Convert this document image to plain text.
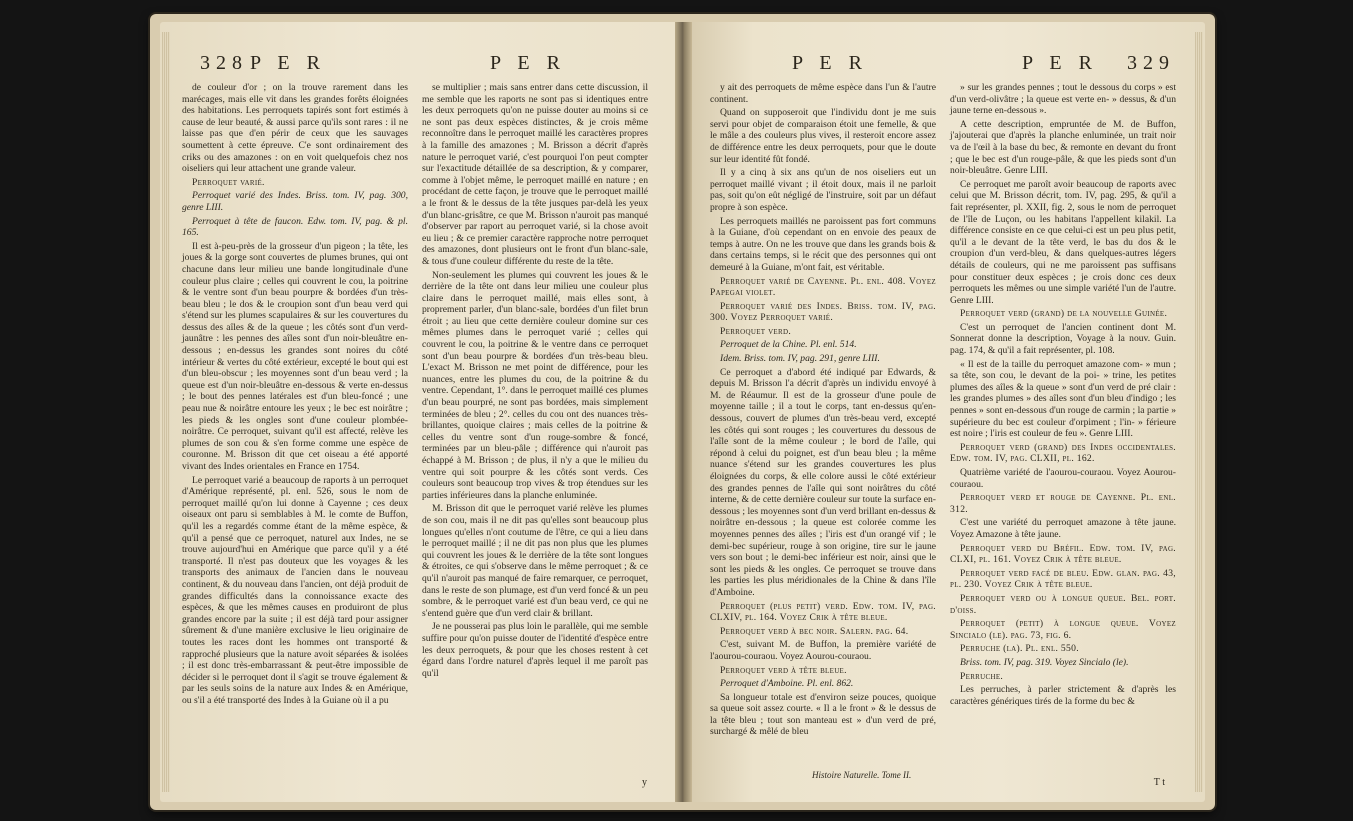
328 P E R	P E R

de couleur d'or ; on la trouve rarement dans les marécages, mais elle vit dans les grandes forêts éloignées des habitations. Les perroquets tapirés sont fort estimés à cause de leur beauté, & aussi parce qu'ils sont rares : il ne laisse pas que d'en périr de ceux que les sauvages soumettent à cette épreuve. C'e sont ordinairement des criks ou des amazones : on en voit quelquefois chez nos oiseliers qui leur attachent une grande valeur.

Perroquet varié.

Perroquet varié des Indes. Briss. tom. IV, pag. 300, genre LIII.

Perroquet à tête de faucon. Edw. tom. IV, pag. & pl. 165.

Il est à-peu-près de la grosseur d'un pigeon ; la tête, les joues & la gorge sont couvertes de plumes brunes, qui ont chacune dans leur milieu une bande longitudinale d'une couleur plus claire ; celles qui couvrent le cou, la poitrine & le ventre sont d'un beau pourpre & bordées d'un très-beau bleu ; le dos & le croupion sont d'un beau verd qui s'étend sur les plumes scapulaires & sur les couvertures du dessus des aîles & de la queue ; les côtés sont d'un verd-jaunâtre : les pennes des aîles sont d'un noir-bleuâtre en-dessous ; en-dessus les grandes sont noires du côté intérieur & vertes du côté extérieur, excepté le bout qui est d'un bleu-obscur ; les moyennes sont d'un beau verd ; la queue est d'un noir-bleuâtre en-dessous & verte en-dessus ; le bout des pennes latérales est d'un bleu-foncé ; une peau nue & noirâtre entoure les yeux ; le bec est noirâtre ; les pieds & les ongles sont d'une couleur plombée-noirâtre. Ce perroquet, suivant qu'il est affecté, relève les plumes de son cou & s'en forme comme une espèce de couronne. M. Brisson dit que cet oiseau a été apporté vivant des Indes orientales en France en 1754.

Le perroquet varié a beaucoup de raports à un perroquet d'Amérique représenté, pl. enl. 526, sous le nom de perroquet maillé qu'on lui donne à Cayenne ; ces deux oiseaux ont paru si semblables à M. le comte de Buffon, qu'il les a regardés comme étant de la même espèce, & qu'il a pensé que ce perroquet, naturel aux Indes, ne se trouve aujourd'hui en Amérique que parce qu'il y a été transporté. Il n'est pas douteux que les voyages & les transports des animaux de l'ancien dans le nouveau continent, & du nouveau dans l'ancien, ont déjà produit de grandes difficultés dans la connoissance exacte des espèces, & que les mêmes causes en produiront de plus grandes encore par la suite ; il est déjà tard pour assigner sûrement & d'une manière exclusive le lieu originaire de toutes les races dont les hommes ont transporté & rapproché plusieurs que la nature avoit séparées & isolées ; il est donc très-embarrassant & peut-être impossible de décider si le perroquet dont il s'agit se trouve également & par les seuls soins de la nature aux Indes & en Amérique, ou s'il a été transporté des Indes à la Guiane où il a pu

se multiplier ; mais sans entrer dans cette discussion, il me semble que les raports ne sont pas si identiques entre les deux perroquets qu'on ne puisse douter au moins si ce ne sont pas deux espèces distinctes, & je crois même reconnoître dans le perroquet maillé les caractères propres à la famille des amazones ; M. Brisson a décrit d'après nature le perroquet varié, c'est pourquoi l'on peut compter sur l'exactitude détaillée de sa description, & y comparer, comme à l'objet même, le perroquet maillé en nature ; en procédant de cette façon, je trouve que le perroquet maillé a le front & le dessus de la tête jusques par-delà les yeux d'un blanc-grisâtre, ce que M. Brisson n'auroit pas manqué d'observer par raport au perroquet varié, si la chose avoit eu lieu ; & ce premier caractère rapproche notre perroquet des amazones, dont plusieurs ont le front d'un blanc-sale, & tous d'une couleur différente du reste de la tête.

Non-seulement les plumes qui couvrent les joues & le derrière de la tête ont dans leur milieu une couleur plus claire dans le perroquet maillé, mais elles sont, à proprement parler, d'un blanc-sale, bordées d'un filet brun étroit ; au lieu que cette dernière couleur domine sur ces mêmes plumes dans le perroquet varié ; celles qui couvrent le cou, la poitrine & le ventre dans ce perroquet sont d'un beau pourpre & bordées d'un très-beau bleu. L'exact M. Brisson ne met point de différence, pour les nuances, entre les plumes du cou, de la poitrine & du ventre. Cependant, 1°. dans le perroquet maillé ces plumes d'un beau pourpré, ne sont pas bordées, mais simplement terminées de bleu ; 2°. celles du cou ont des nuances très-brillantes, quoique claires ; mais celles de la poitrine & celles du ventre sont d'un rouge-sombre & foncé, terminées par un bleu-pâle ; différence qui n'auroit pas échappé à M. Brisson ; de plus, il n'y a que le milieu du ventre qui soit pourpre & les côtés sont verds. Ces couleurs sont beaucoup trop vives & trop étendues sur les parties inférieures dans la planche enluminée.

M. Brisson dit que le perroquet varié relève les plumes de son cou, mais il ne dit pas qu'elles sont beaucoup plus longues qu'elles n'ont coutume de l'être, ce qui a lieu dans le perroquet maillé ; il ne dit pas non plus que les plumes qui couvrent les joues & le derrière de la tête sont longues & étroites, ce qui s'observe dans le même perroquet ; & ce qu'il n'auroit pas manqué de faire remarquer, ce perroquet, dans le reste de son plumage, est d'un verd foncé & un peu sombre, & le perroquet varié est d'un beau verd, ce qui ne s'entend guère que d'un verd clair & brillant.

Je ne pousserai pas plus loin le parallèle, qui me semble suffire pour qu'on puisse douter de l'identité d'espèce entre les deux perroquets, & pour que les choses restent à cet égard dans l'ordre naturel d'après lequel il me paroît pas qu'il

y
P E R	P E R 329

y ait des perroquets de même espèce dans l'un & l'autre continent.

Quand on supposeroit que l'individu dont je me suis servi pour objet de comparaison étoit une femelle, & que le mâle a des couleurs plus vives, il resteroit encore assez de différence entre les deux perroquets, pour que le doute sur leur identité fût fondé.

Il y a cinq à six ans qu'un de nos oiseliers eut un perroquet maillé vivant ; il étoit doux, mais il ne parloit pas, soit qu'on eût négligé de l'instruire, soit par un défaut propre à son espèce.

Les perroquets maillés ne paroissent pas fort communs à la Guiane, d'où cependant on en envoie des peaux de temps à autre. On ne les trouve que dans les grands bois & dans certains temps, si le récit que des personnes qui ont demeuré à la Guiane, m'ont fait, est véritable.

Perroquet varié de Cayenne. Pl. enl. 408. Voyez Papegai violet.

Perroquet varié des Indes. Briss. tom. IV, pag. 300. Voyez Perroquet varié.

Perroquet verd.

Perroquet de la Chine. Pl. enl. 514.

Idem. Briss. tom. IV, pag. 291, genre LIII.

Ce perroquet a d'abord été indiqué par Edwards, & depuis M. Brisson l'a décrit d'après un individu envoyé à M. de Réaumur. Il est de la grosseur d'une poule de moyenne taille ; il a tout le corps, tant en-dessus qu'en-dessous, couvert de plumes d'un très-beau verd, excepté les côtés qui sont rouges ; les couvertures du dessous de l'aîle sont de la même couleur ; le bord de l'aîle, qui répond à celui du poignet, est d'un beau bleu ; la même nuance s'étend sur les grandes couvertures les plus éloignées du corps, & elle colore aussi le côté extérieur des grandes pennes de l'aîle qui sont noirâtres du côté interne, & de cette dernière couleur sur toute la surface en-dessous ; les moyennes sont d'un verd brillant en-dessus & noirâtre en-dessous ; la queue est colorée comme les moyennes pennes des aîles ; l'iris est d'un orangé vif ; le demi-bec supérieur, rouge à son origine, tire sur le jaune vers son bout ; le demi-bec inférieur est noir, ainsi que le sont les pieds & les ongles. Ce perroquet se trouve dans les parties les plus méridionales de la Chine & dans l'île d'Amboine.

Perroquet (plus petit) verd. Edw. tom. IV, pag. CLXIV, pl. 164. Voyez Crik à tête bleue.

Perroquet verd à bec noir. Salern. pag. 64.

C'est, suivant M. de Buffon, la première variété de l'aourou-couraou. Voyez Aourou-couraou.

Perroquet verd à tête bleue.

Perroquet d'Amboine. Pl. enl. 862.

Sa longueur totale est d'environ seize pouces, quoique sa queue soit assez courte. « Il a le front » & le dessus de la tête bleu ; tout son manteau est » d'un verd de pré, surchargé & mêlé de bleu

» sur les grandes pennes ; tout le dessous du corps » est d'un verd-olivâtre ; la queue est verte en- » dessus, & d'un jaune terne en-dessous ».

A cette description, empruntée de M. de Buffon, j'ajouterai que d'après la planche enluminée, un trait noir va de l'œil à la base du bec, & remonte en devant du front ; que le bec est d'un rouge-pâle, & que les pieds sont d'un noir-bleuâtre. Genre LIII.

Ce perroquet me paroît avoir beaucoup de raports avec celui que M. Brisson décrit, tom. IV, pag. 295, & qu'il a fait représenter, pl. XXII, fig. 2, sous le nom de perroquet de l'île de Luçon, ou les habitans l'appellent kilakil. La différence consiste en ce que celui-ci est un peu plus petit, qu'il a le devant de la tête verd, le bas du dos & le croupion d'un verd-bleu, & dans quelques-autres légers détails de couleurs, qui ne me paroissent pas suffisans pour constituer deux espèces ; je crois donc ces deux perroquets les mêmes ou une simple variété l'un de l'autre. Genre LIII.

Perroquet verd (grand) de la nouvelle Guinée.

C'est un perroquet de l'ancien continent dont M. Sonnerat donne la description, Voyage à la nouv. Guin. pag. 174, & qu'il a fait représenter, pl. 108.

« Il est de la taille du perroquet amazone com- » mun ; sa tête, son cou, le devant de la poi- » trine, les petites plumes des aîles & la queue » sont d'un verd de pré clair : les grandes plumes » des aîles sont d'un bleu d'indigo ; les pennes » sont en-dessous d'un rouge de carmin ; la partie » supérieure du bec est couleur d'orpiment ; l'in- » férieure est noire ; l'iris est couleur de feu ». Genre LIII.

Perroquet verd (grand) des Indes occidentales. Edw. tom. IV, pag. CLXII, pl. 162.

Quatrième variété de l'aourou-couraou. Voyez Aourou-couraou.

Perroquet verd et rouge de Cayenne. Pl. enl. 312.

C'est une variété du perroquet amazone à tête jaune. Voyez Amazone à tête jaune.

Perroquet verd du Bréfil. Edw. tom. IV, pag. CLXI, pl. 161. Voyez Crik à tête bleue.

Perroquet verd facé de bleu. Edw. glan. pag. 43, pl. 230. Voyez Crik à tête bleue.

Perroquet verd ou à longue queue. Bel. port. d'oiss.

Perroquet (petit) à longue queue. Voyez Sincialo (le). pag. 73, fig. 6.

Perruche (la). Pl. enl. 550.

Briss. tom. IV, pag. 319. Voyez Sincialo (le).

Perruche.

Les perruches, à parler strictement & d'après les caractères génériques tirés de la forme du bec &

Histoire Naturelle. Tome II.
T t
